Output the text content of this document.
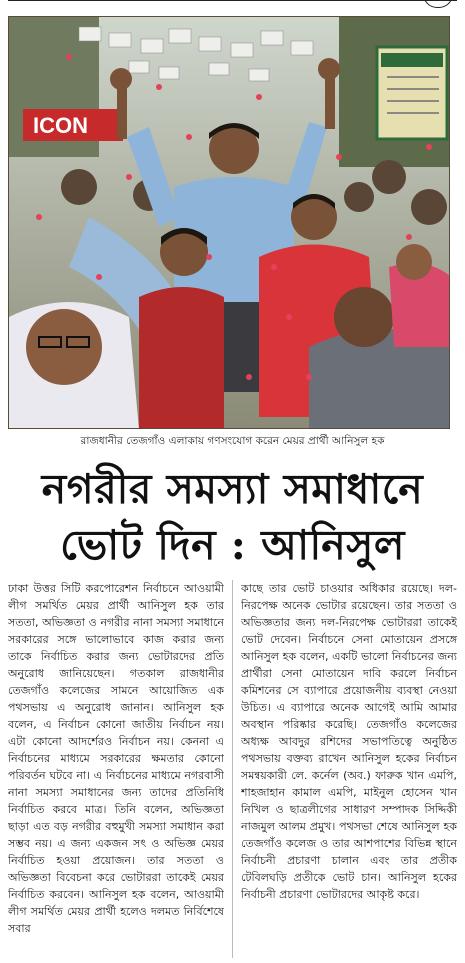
ICON
রাজধানীর তেজগাঁও এলাকায় গণসংযোগ করেন মেয়র প্রার্থী আনিসুল হক
নগরীর সমস্যা সমাধানে
ভোট দিন : আনিসুল

ঢাকা উত্তর সিটি করপোরেশন নির্বাচনে আওয়ামী লীগ সমর্থিত মেয়র প্রার্থী আনিসুল হক তার সততা, অভিজ্ঞতা ও নগরীর নানা সমস্যা সমাধানে সরকারের সঙ্গে ভালোভাবে কাজ করার জন্য তাকে নির্বাচিত করার জন্য ভোটারদের প্রতি অনুরোধ জানিয়েছেন। গতকাল রাজধানীর তেজগাঁও কলেজের সামনে আয়োজিত এক পথসভায় এ অনুরোধ জানান। আনিসুল হক বলেন, এ নির্বাচন কোনো জাতীয় নির্বাচন নয়। এটা কোনো আদর্শেরও নির্বাচন নয়। কেননা এ নির্বাচনের মাধ্যমে সরকারের ক্ষমতার কোনো পরিবর্তন ঘটবে না। এ নির্বাচনের মাধ্যমে নগরবাসী নানা সমস্যা সমাধানের জন্য তাদের প্রতিনিধি নির্বাচিত করবে মাত্র। তিনি বলেন, অভিজ্ঞতা ছাড়া এত বড় নগরীর বহুমুখী সমস্যা সমাধান করা সম্ভব নয়। এ জন্য একজন সৎ ও অভিজ্ঞ মেয়র নির্বাচিত হওয়া প্রয়োজন। তার সততা ও অভিজ্ঞতা বিবেচনা করে ভোটাররা তাকেই মেয়র নির্বাচিত করবেন। আনিসুল হক বলেন, আওয়ামী লীগ সমর্থিত মেয়র প্রার্থী হলেও দলমত নির্বিশেষে সবার

কাছে তার ভোট চাওয়ার অধিকার রয়েছে। দল-নিরপেক্ষ অনেক ভোটার রয়েছেন। তার সততা ও অভিজ্ঞতার জন্য দল-নিরপেক্ষ ভোটাররা তাকেই ভোট দেবেন। নির্বাচনে সেনা মোতায়েন প্রসঙ্গে আনিসুল হক বলেন, একটি ভালো নির্বাচনের জন্য প্রার্থীরা সেনা মোতায়েন দাবি করলে নির্বাচন কমিশনের সে ব্যাপারে প্রয়োজনীয় ব্যবস্থা নেওয়া উচিত। এ ব্যাপারে অনেক আগেই আমি আমার অবস্থান পরিষ্কার করেছি। তেজগাঁও কলেজের অধ্যক্ষ আবদুর রশিদের সভাপতিত্বে অনুষ্ঠিত পথসভায় বক্তব্য রাখেন আনিসুল হকের নির্বাচন সমন্বয়কারী লে. কর্নেল (অব.) ফারুক খান এমপি, শাহজাহান কামাল এমপি, মাইনুল হোসেন খান নিখিল ও ছাত্রলীগের সাধারণ সম্পাদক সিদ্দিকী নাজমুল আলম প্রমুখ। পথসভা শেষে আনিসুল হক তেজগাঁও কলেজ ও তার আশপাশের বিভিন্ন স্থানে নির্বাচনী প্রচারণা চালান এবং তার প্রতীক টেবিলঘড়ি প্রতীকে ভোট চান। আনিসুল হকের নির্বাচনী প্রচারণা ভোটারদের আকৃষ্ট করে।
